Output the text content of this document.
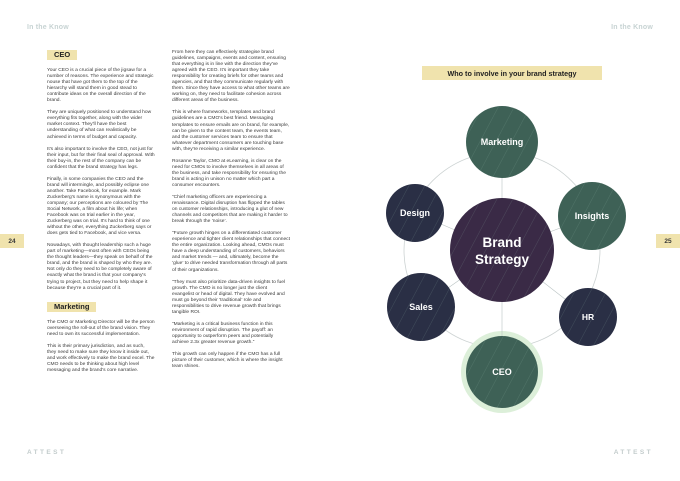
In the Know	In the Know
24	25
ATTEST	ATTEST
CEO

Your CEO is a crucial piece of the jigsaw for a number of reasons. The experience and strategic nouse that have got them to the top of the hierarchy will stand them in good stead to contribute ideas on the overall direction of the brand.

They are uniquely positioned to understand how everything fits together, along with the wider market context. They'll have the best understanding of what can realistically be achieved in terms of budget and capacity.

It's also important to involve the CEO, not just for their input, but for their final seal of approval. With their buy-in, the rest of the company can be confident that the brand strategy has legs.

Finally, in some companies the CEO and the brand will intermingle, and possibly eclipse one another. Take Facebook, for example. Mark Zuckerberg's name is synonymous with the company; our perceptions are coloured by The Social Network, a film about his life; when Facebook was on trial earlier in the year, Zuckerberg was on trial. It's hard to think of one without the other, everything Zuckerberg says or does gets tied to Facebook, and vice versa.

Nowadays, with thought leadership such a huge part of marketing—most often with CEOs being the thought leaders—they speak on behalf of the brand, and the brand is shaped by who they are. Not only do they need to be completely aware of exactly what the brand is that your company's trying to project, but they need to help shape it because they're a crucial part of it.

Marketing

The CMO or Marketing Director will be the person overseeing the roll-out of the brand vision. They need to own its successful implementation.

This is their primary jurisdiction, and as such, they need to make sure they know it inside out, and work effectively to make the brand excel. The CMO needs to be thinking about high level messaging and the brand's core narrative.

From here they can effectively strategise brand guidelines, campaigns, events and content, ensuring that everything is in line with the direction they've agreed with the CEO. It's important they take responsibility for creating briefs for other teams and agencies, and that they communicate regularly with them. Since they have access to what other teams are working on, they need to facilitate cohesion across different areas of the business.

This is where frameworks, templates and brand guidelines are a CMO's best friend. Messaging templates to ensure emails are on brand, for example, can be given to the content team, the events team, and the customer services team to ensure that whatever department consumers are touching base with, they're receiving a similar experience.

Rosanne Taylor, CMO at eLearning, is clear on the need for CMOs to involve themselves in all areas of the business, and take responsibility for ensuring the brand is acting in unison no matter which part a consumer encounters.

“Chief marketing officers are experiencing a renaissance. Digital disruption has flipped the tables on customer relationships, introducing a glut of new channels and competitors that are making it harder to break through the ‘noise’.

“Future growth hinges on a differentiated customer experience and tighter client relationships that connect the entire organization. Looking ahead, CMOs must have a deep understanding of customers, behaviors and market trends — and, ultimately, become the ‘glue’ to drive needed transformation through all parts of their organizations.

“They must also prioritize data-driven insights to fuel growth. The CMO is no longer just the client evangelist or head of digital. They have evolved and must go beyond their ‘traditional’ role and responsibilities to drive revenue growth that brings tangible ROI.

“Marketing is a critical business function in this environment of rapid disruption. The payoff: an opportunity to outperform peers and potentially achieve 2.3x greater revenue growth.”

This growth can only happen if the CMO has a full picture of their customer, which is where the insight team shines.

Who to involve in your brand strategy
Marketing
Insights
HR
CEO
Sales
Design
Brand
Strategy
